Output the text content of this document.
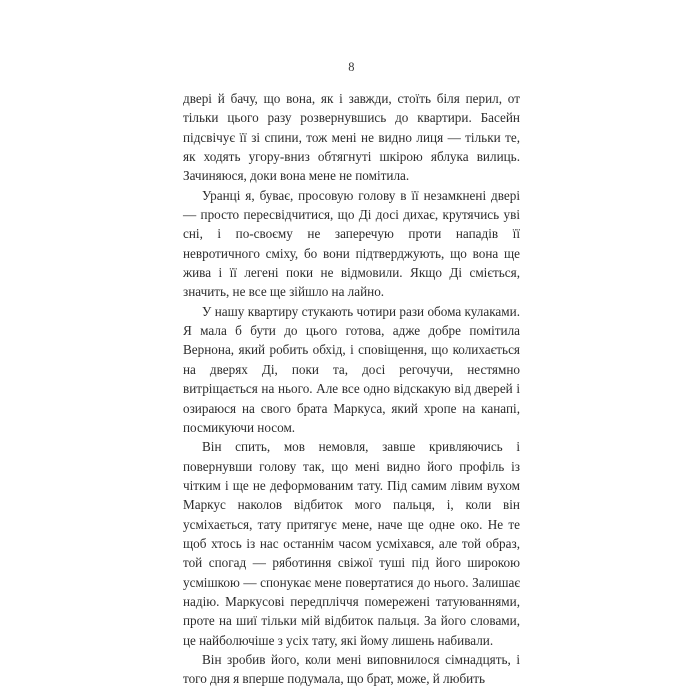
8

двері й бачу, що вона, як і завжди, стоїть біля перил, от тільки цього разу розвернувшись до квартири. Басейн підсвічує її зі спини, тож мені не видно лиця — тільки те, як ходять угору-вниз обтягнуті шкірою яблука вилиць. Зачиняюся, доки вона мене не помітила.

Уранці я, буває, просовую голову в її незамкнені двері — просто пересвідчитися, що Ді досі дихає, крутячись уві сні, і по-своєму не заперечую проти нападів її невротичного сміху, бо вони підтверджують, що вона ще жива і її легені поки не відмовили. Якщо Ді сміється, значить, не все ще зійшло на лайно.

У нашу квартиру стукають чотири рази обома кулаками. Я мала б бути до цього готова, адже добре помітила Вернона, який робить обхід, і сповіщення, що колихається на дверях Ді, поки та, досі регочучи, нестямно витріщається на нього. Але все одно відскакую від дверей і озираюся на свого брата Маркуса, який хропе на канапі, посмикуючи носом.

Він спить, мов немовля, завше кривляючись і повернувши голову так, що мені видно його профіль із чітким і ще не деформованим тату. Під самим лівим вухом Маркус наколов відбиток мого пальця, і, коли він усміхається, тату притягує мене, наче ще одне око. Не те щоб хтось із нас останнім часом усміхався, але той образ, той спогад — рябoтиння свіжої туші під його широкою усмішкою — спонукає мене повертатися до нього. Залишає надію. Маркусові передпліччя помережені татуюваннями, проте на шиї тільки мій відбиток пальця. За його словами, це найболючіше з усіх тату, які йому лишень набивали.

Він зробив його, коли мені виповнилося сімнадцять, і того дня я вперше подумала, що брат, може, й любить
